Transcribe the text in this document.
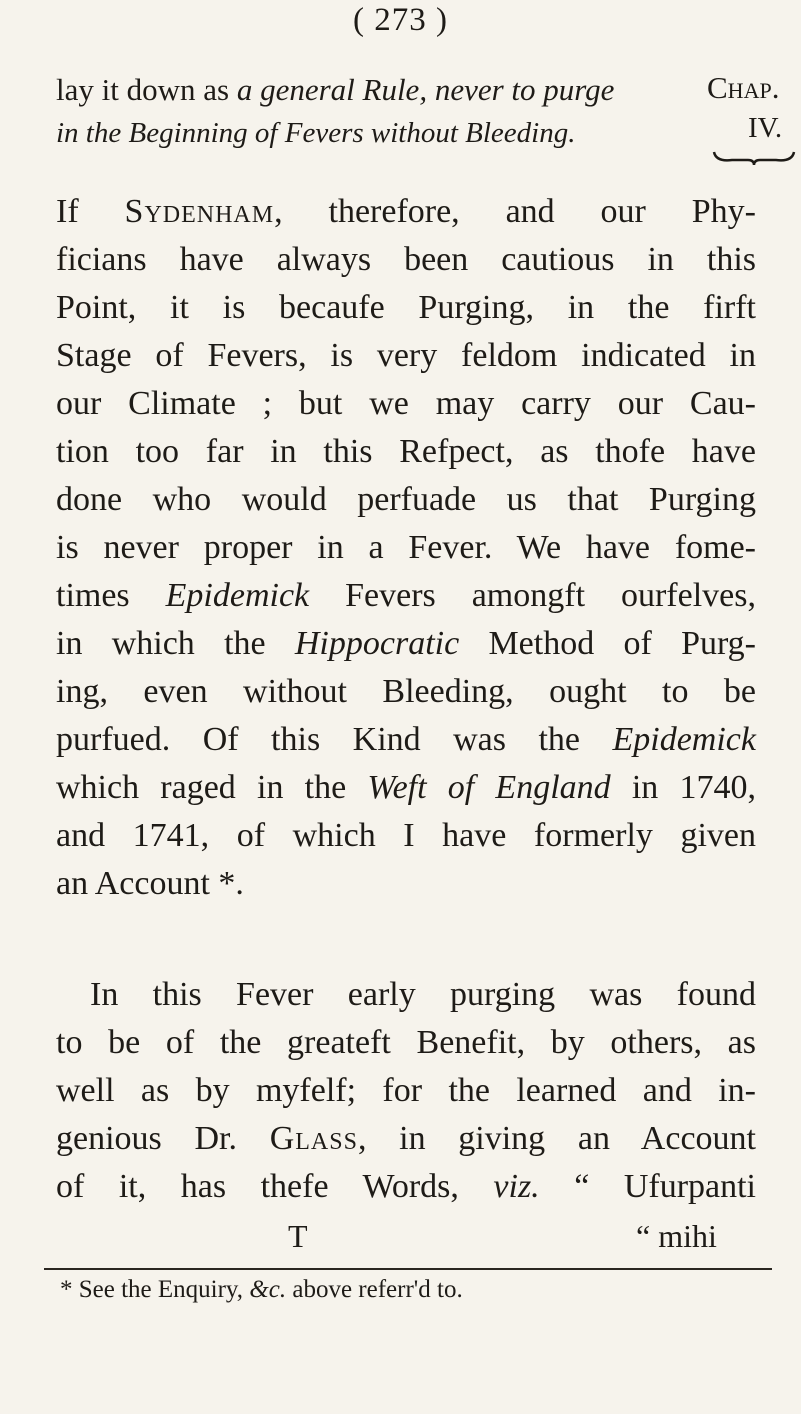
( 273 )
lay it down as a general Rule, never to purge
in the Beginning of Fevers without Bleeding.
Chap.
IV.
If Sydenham, therefore, and our Phy-
ficians have always been cautious in this
Point, it is becaufe Purging, in the firft
Stage of Fevers, is very feldom indicated in
our Climate ; but we may carry our Cau-
tion too far in this Refpect, as thofe have
done who would perfuade us that Purging
is never proper in a Fever. We have fome-
times Epidemick Fevers amongft ourfelves,
in which the Hippocratic Method of Purg-
ing, even without Bleeding, ought to be
purfued. Of this Kind was the Epidemick
which raged in the Weft of England in 1740,
and 1741, of which I have formerly given
an Account *.
In this Fever early purging was found
to be of the greateft Benefit, by others, as
well as by myfelf; for the learned and in-
genious Dr. Glass, in giving an Account
of it, has thefe Words, viz. “ Ufurpanti
T	“ mihi
* See the Enquiry, &c. above referr'd to.
